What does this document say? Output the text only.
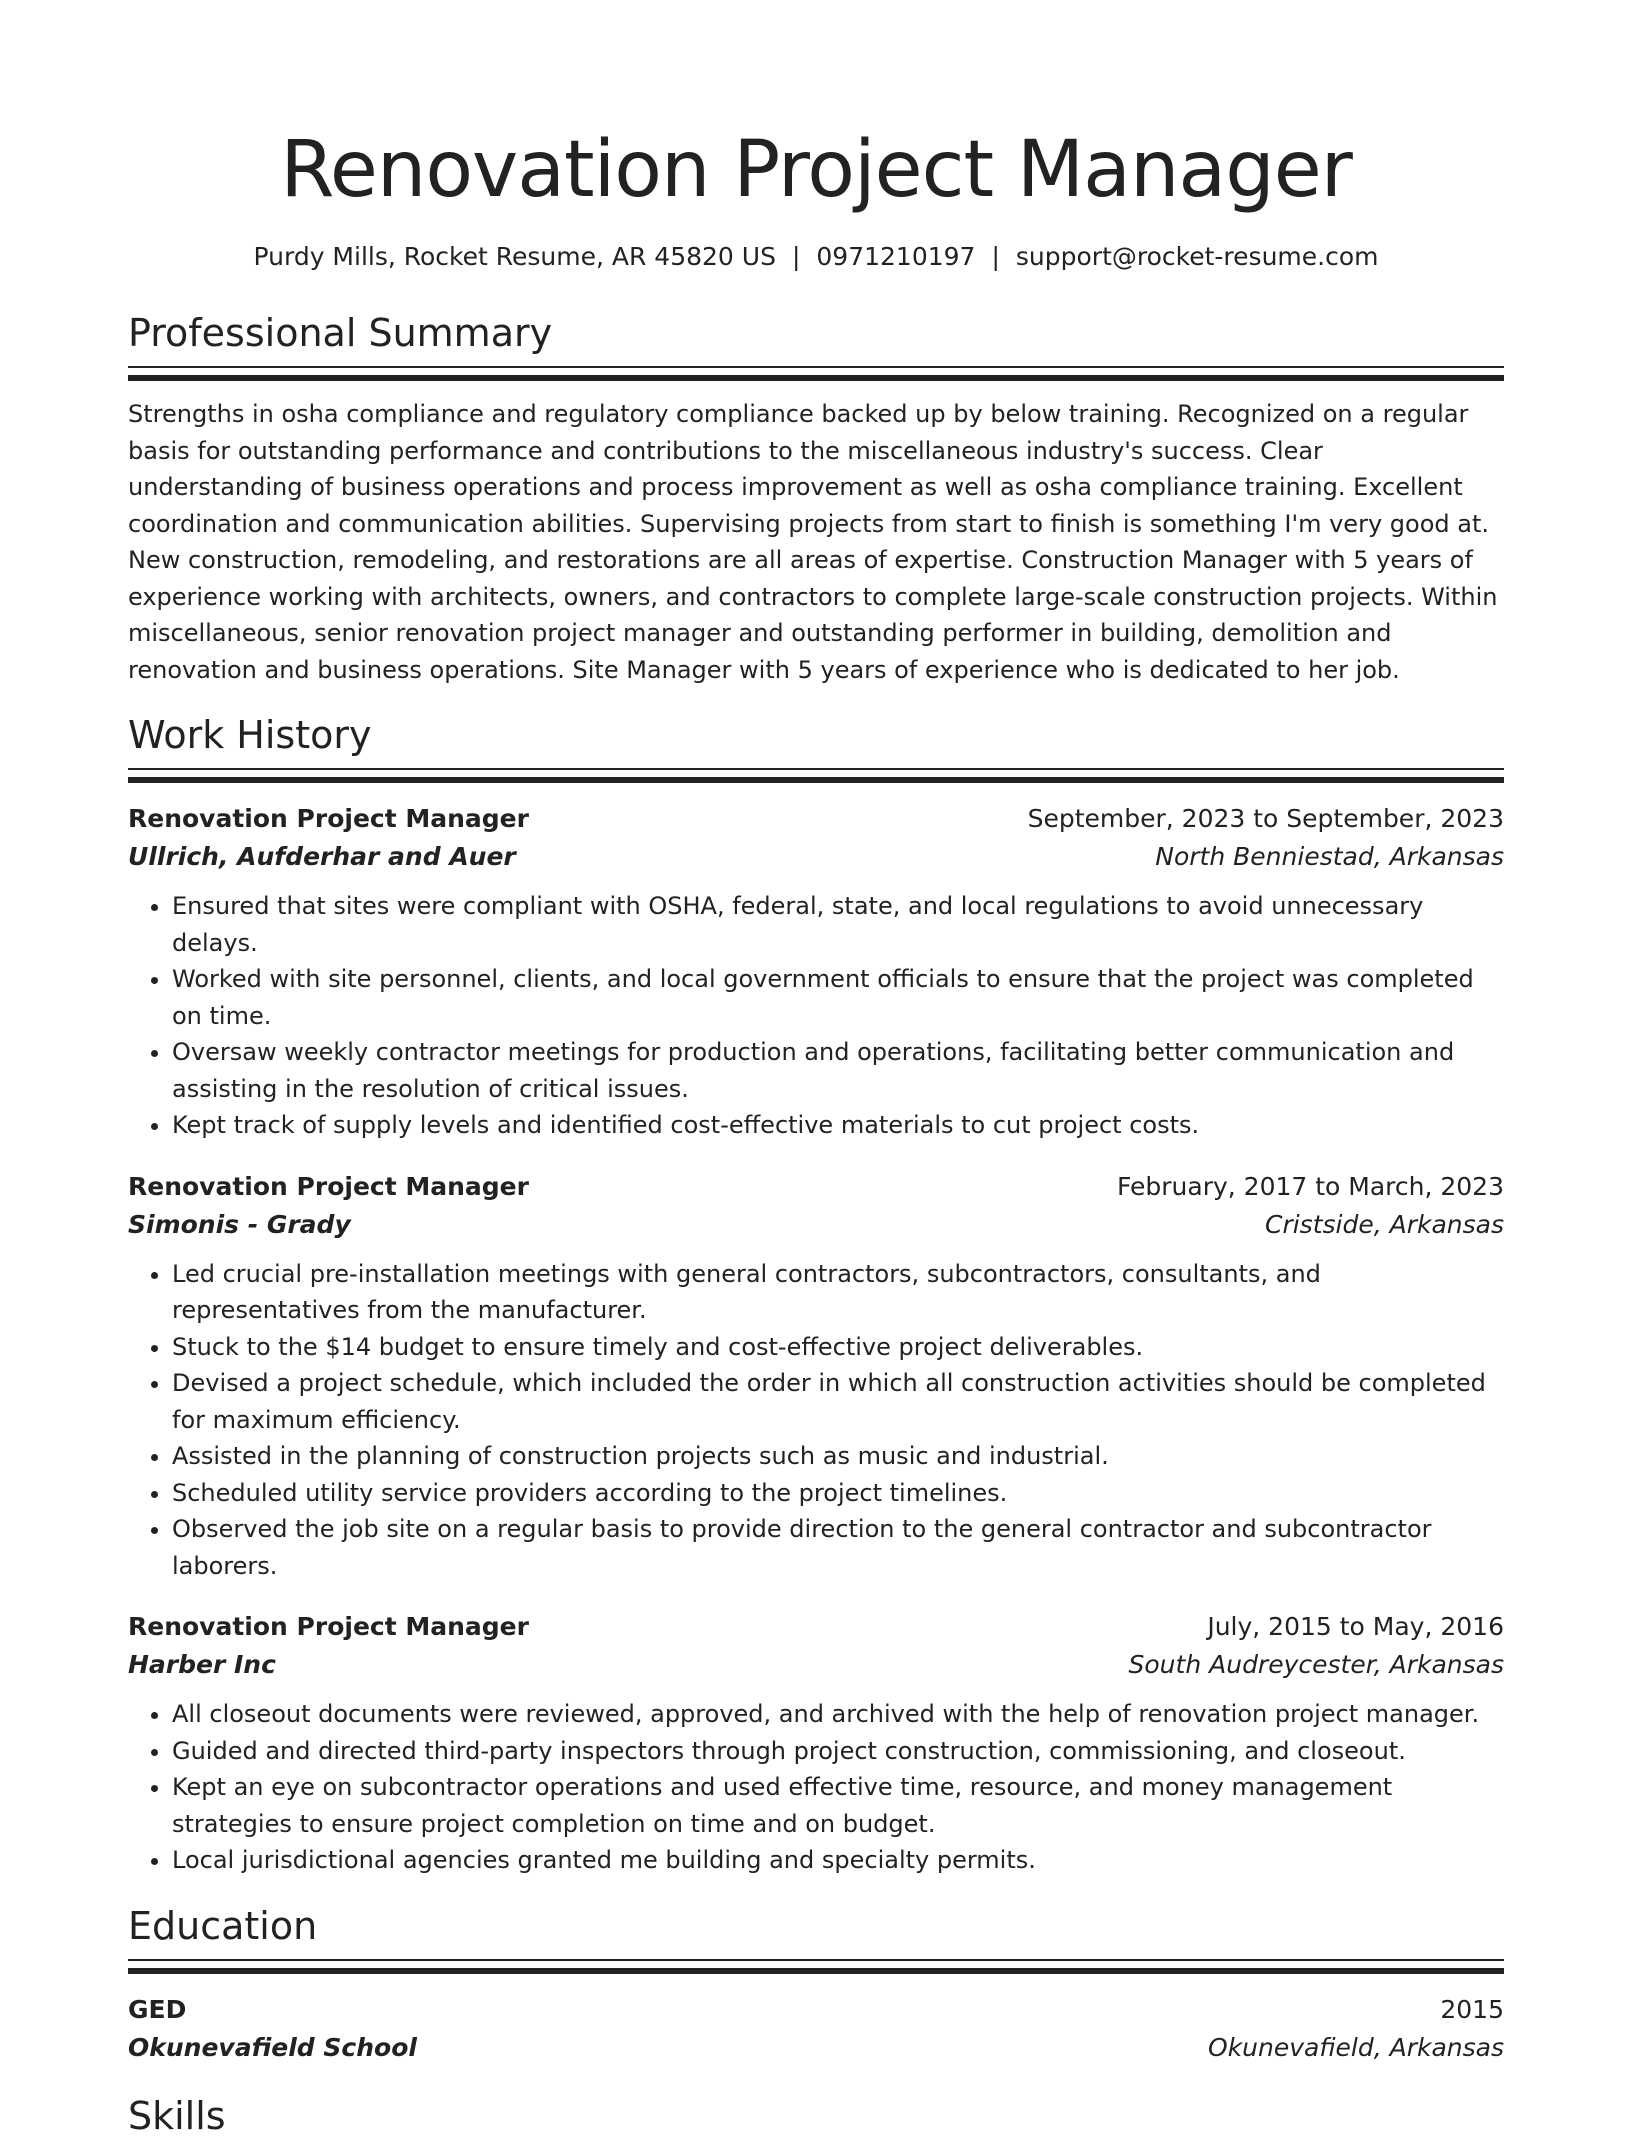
Renovation Project Manager
Purdy Mills, Rocket Resume, AR 45820 US | 0971210197 | support@rocket-resume.com
Professional Summary

Strengths in osha compliance and regulatory compliance backed up by below training. Recognized on a regular basis for outstanding performance and contributions to the miscellaneous industry's success. Clear understanding of business operations and process improvement as well as osha compliance training. Excellent coordination and communication abilities. Supervising projects from start to finish is something I'm very good at. New construction, remodeling, and restorations are all areas of expertise. Construction Manager with 5 years of experience working with architects, owners, and contractors to complete large-scale construction projects. Within miscellaneous, senior renovation project manager and outstanding performer in building, demolition and renovation and business operations. Site Manager with 5 years of experience who is dedicated to her job.

Work History
Renovation Project Manager	September, 2023 to September, 2023
Ullrich, Aufderhar and Auer	North Benniestad, Arkansas
• Ensured that sites were compliant with OSHA, federal, state, and local regulations to avoid unnecessary delays.
• Worked with site personnel, clients, and local government officials to ensure that the project was completed on time.
• Oversaw weekly contractor meetings for production and operations, facilitating better communication and assisting in the resolution of critical issues.
• Kept track of supply levels and identified cost-effective materials to cut project costs.
Renovation Project Manager	February, 2017 to March, 2023
Simonis - Grady	Cristside, Arkansas
• Led crucial pre-installation meetings with general contractors, subcontractors, consultants, and representatives from the manufacturer.
• Stuck to the $14 budget to ensure timely and cost-effective project deliverables.
• Devised a project schedule, which included the order in which all construction activities should be completed for maximum efficiency.
• Assisted in the planning of construction projects such as music and industrial.
• Scheduled utility service providers according to the project timelines.
• Observed the job site on a regular basis to provide direction to the general contractor and subcontractor laborers.
Renovation Project Manager	July, 2015 to May, 2016
Harber Inc	South Audreycester, Arkansas
• All closeout documents were reviewed, approved, and archived with the help of renovation project manager.
• Guided and directed third-party inspectors through project construction, commissioning, and closeout.
• Kept an eye on subcontractor operations and used effective time, resource, and money management strategies to ensure project completion on time and on budget.
• Local jurisdictional agencies granted me building and specialty permits.
Education
GED	2015
Okunevafield School	Okunevafield, Arkansas
Skills
